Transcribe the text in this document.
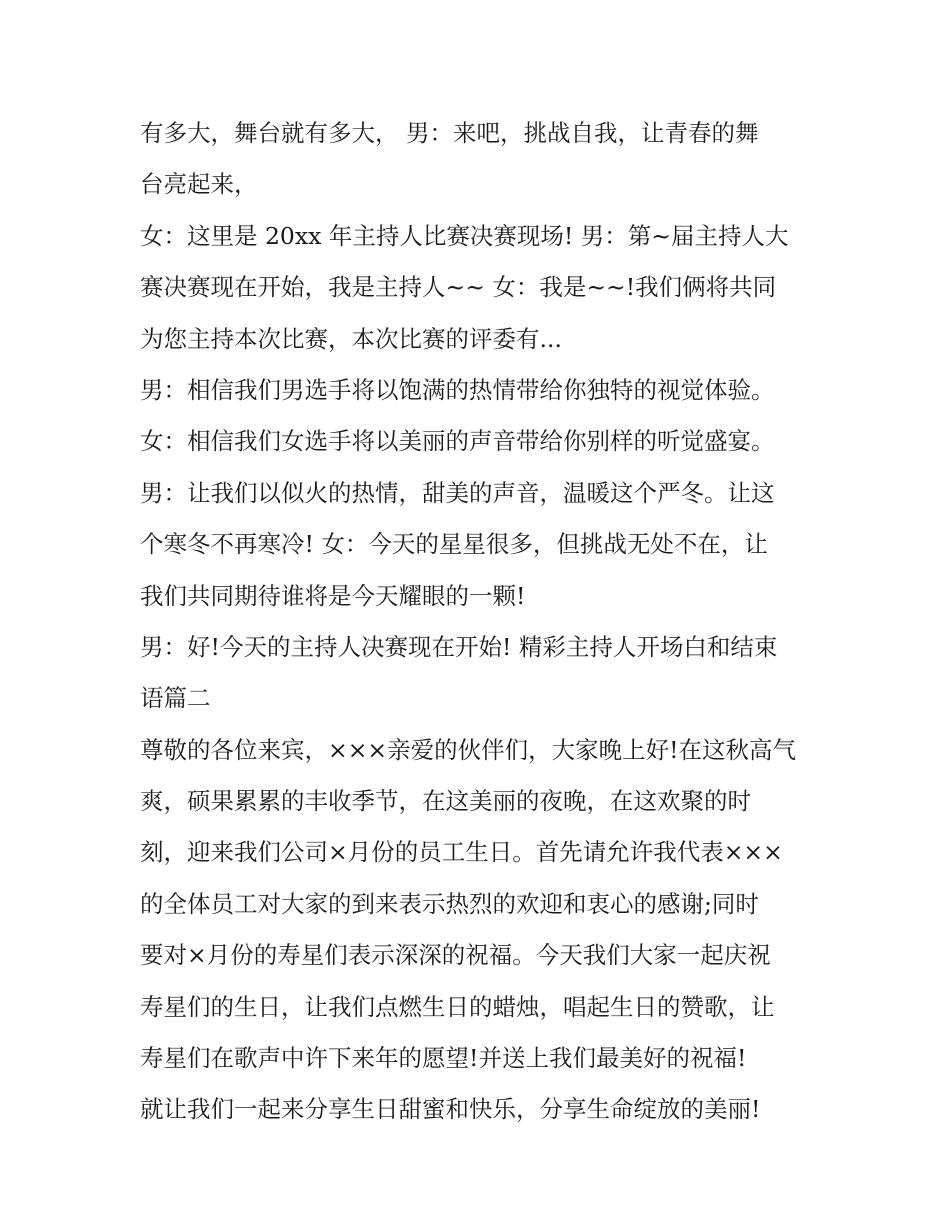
有多大，舞台就有多大， 男：来吧，挑战自我，让青春的舞
台亮起来，
女：这里是 20xx 年主持人比赛决赛现场! 男：第~届主持人大
赛决赛现在开始，我是主持人~~ 女：我是~~!我们俩将共同
为您主持本次比赛，本次比赛的评委有...
男：相信我们男选手将以饱满的热情带给你独特的视觉体验。
女：相信我们女选手将以美丽的声音带给你别样的听觉盛宴。
男：让我们以似火的热情，甜美的声音，温暖这个严冬。让这
个寒冬不再寒冷! 女：今天的星星很多，但挑战无处不在，让
我们共同期待谁将是今天耀眼的一颗!
男：好!今天的主持人决赛现在开始! 精彩主持人开场白和结束
语篇二
尊敬的各位来宾，×××亲爱的伙伴们，大家晚上好!在这秋高气
爽，硕果累累的丰收季节，在这美丽的夜晚，在这欢聚的时
刻，迎来我们公司×月份的员工生日。首先请允许我代表×××
的全体员工对大家的到来表示热烈的欢迎和衷心的感谢;同时
要对×月份的寿星们表示深深的祝福。今天我们大家一起庆祝
寿星们的生日，让我们点燃生日的蜡烛，唱起生日的赞歌，让
寿星们在歌声中许下来年的愿望!并送上我们最美好的祝福!
就让我们一起来分享生日甜蜜和快乐，分享生命绽放的美丽!
